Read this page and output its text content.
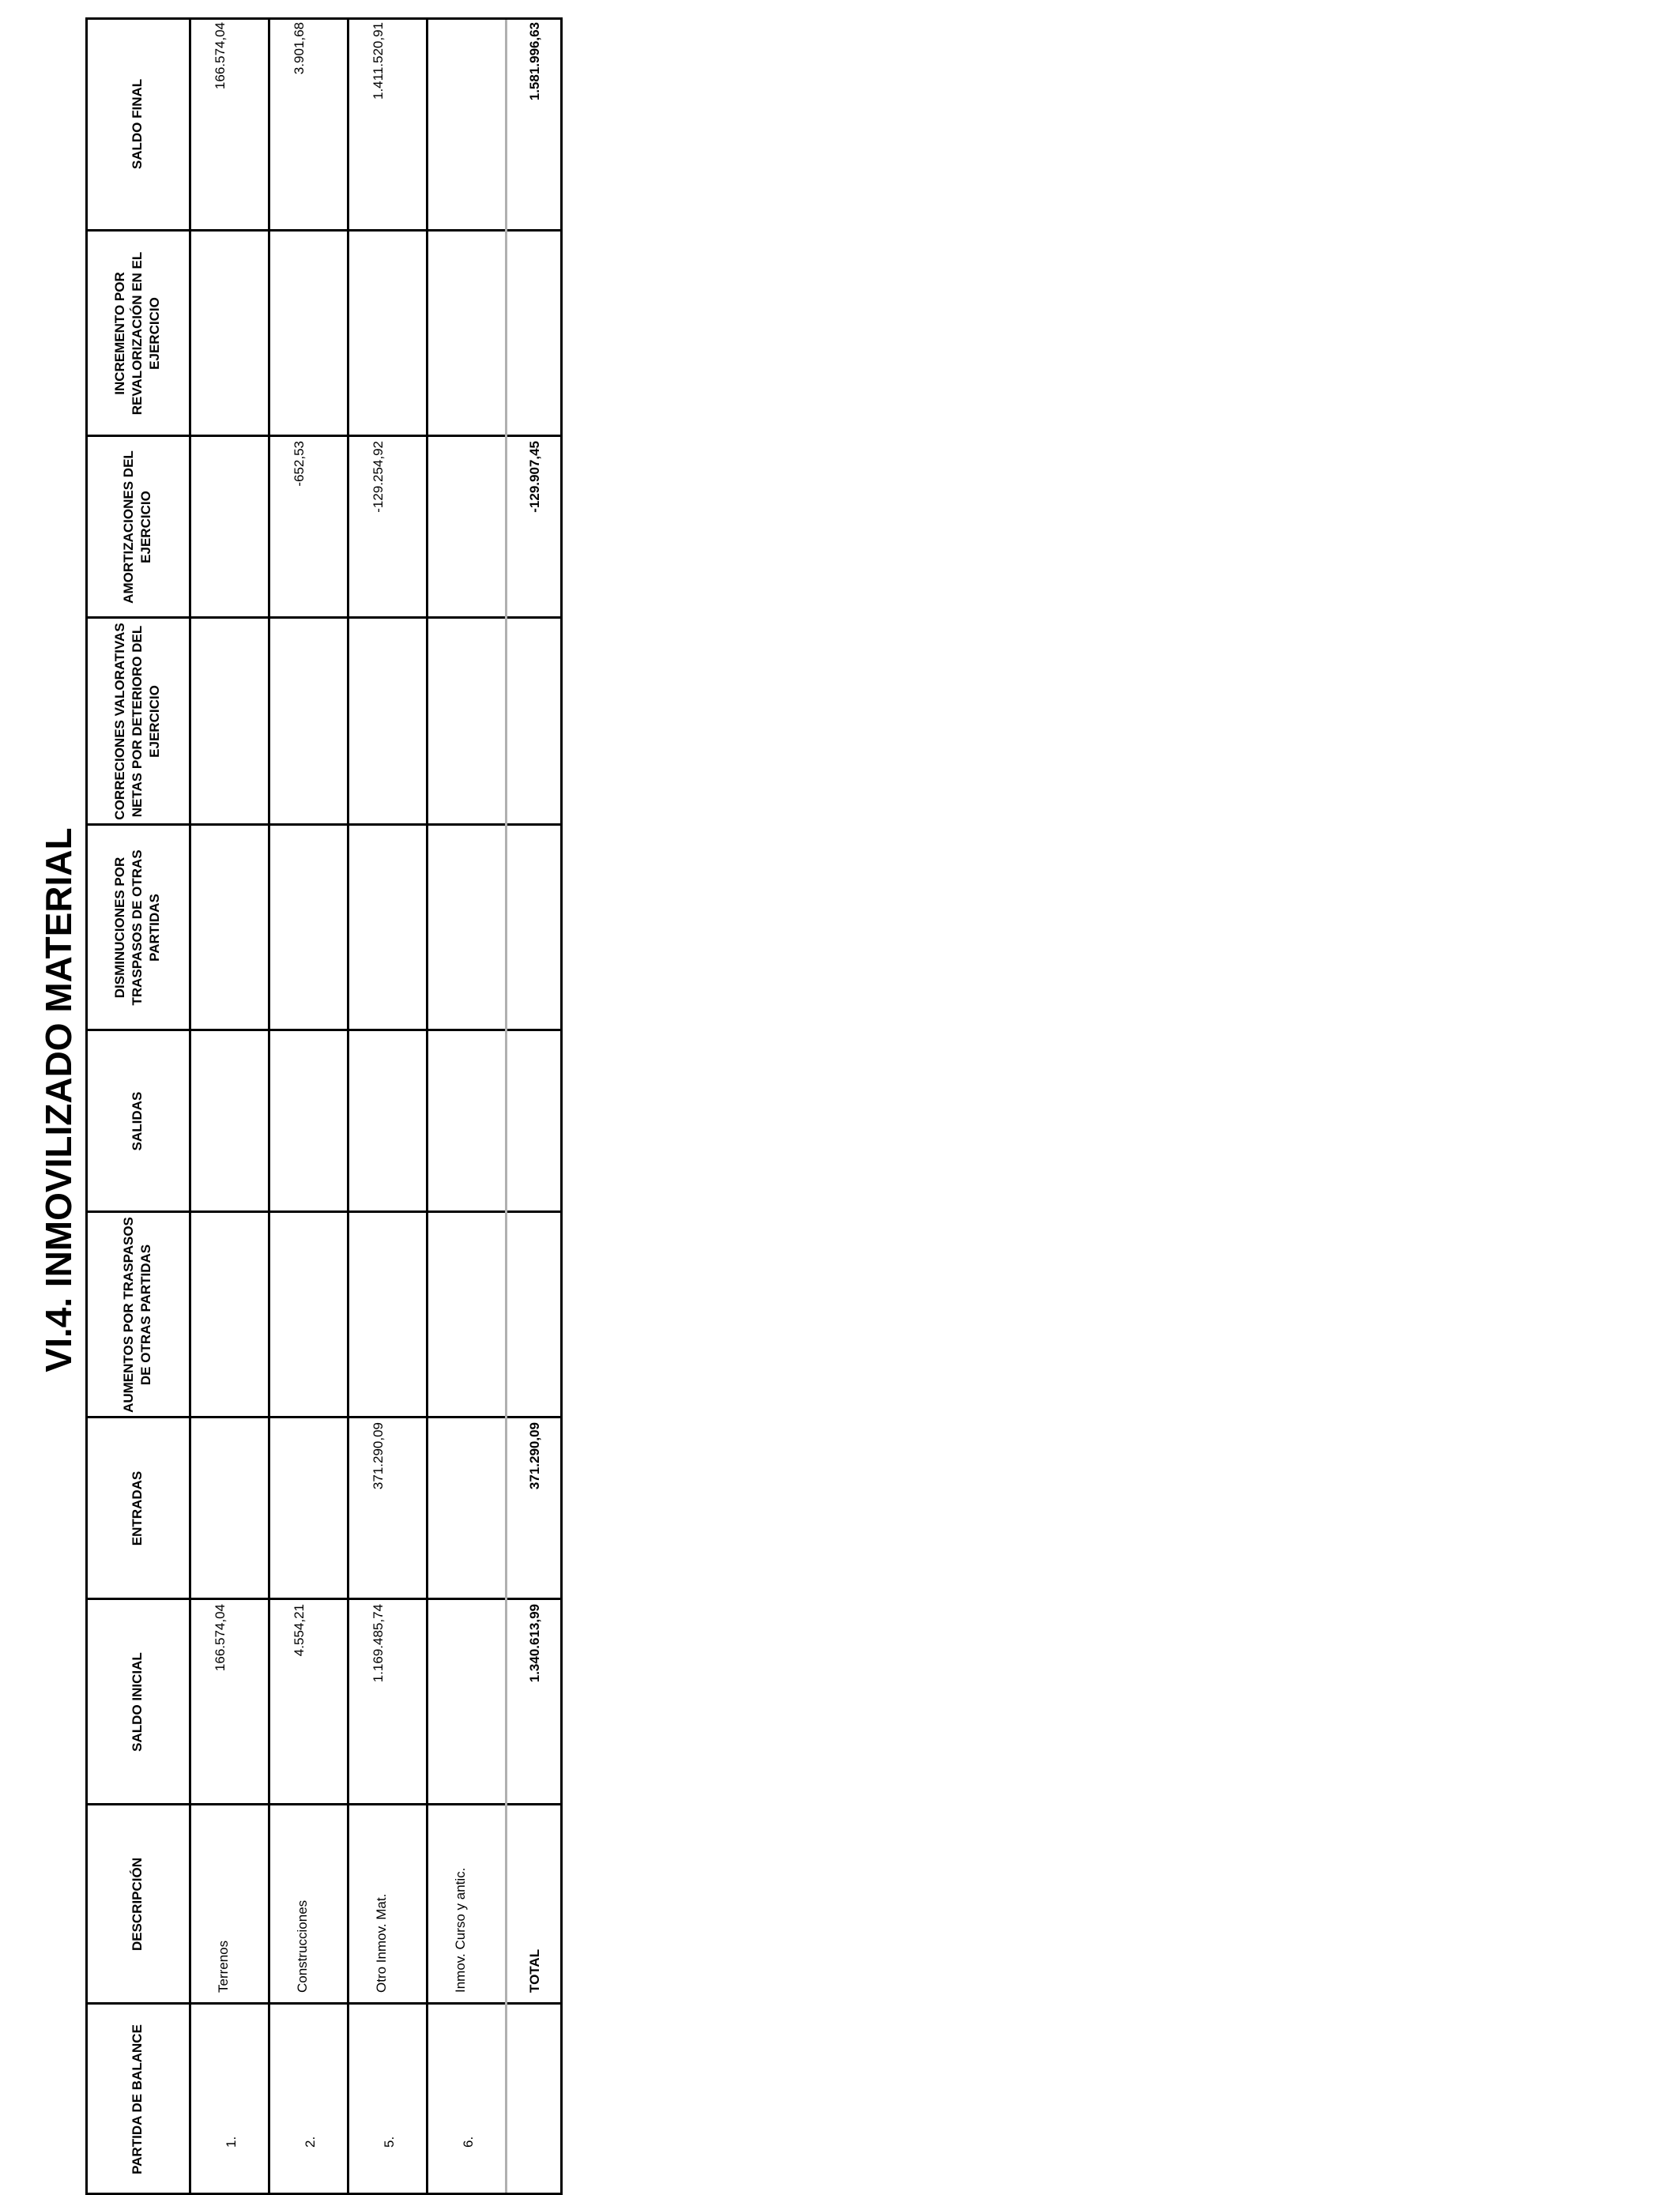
VI.4. INMOVILIZADO MATERIAL
PARTIDA DE BALANCE
DESCRIPCIÓN
SALDO INICIAL
ENTRADAS
AUMENTOS POR TRASPASOS DE OTRAS PARTIDAS
SALIDAS
DISMINUCIONES POR TRASPASOS DE OTRAS PARTIDAS
CORRECIONES VALORATIVAS NETAS POR DETERIORO DEL EJERCICIO
AMORTIZACIONES DEL EJERCICIO
INCREMENTO POR REVALORIZACIÓN EN EL EJERCICIO
SALDO FINAL
1.
Terrenos
166.574,04
166.574,04
2.
Construcciones
4.554,21
-652,53
3.901,68
5.
Otro Inmov. Mat.
1.169.485,74
371.290,09
-129.254,92
1.411.520,91
6.
Inmov. Curso y antic.	TOTAL
1.340.613,99
371.290,09
-129.907,45
1.581.996,63
